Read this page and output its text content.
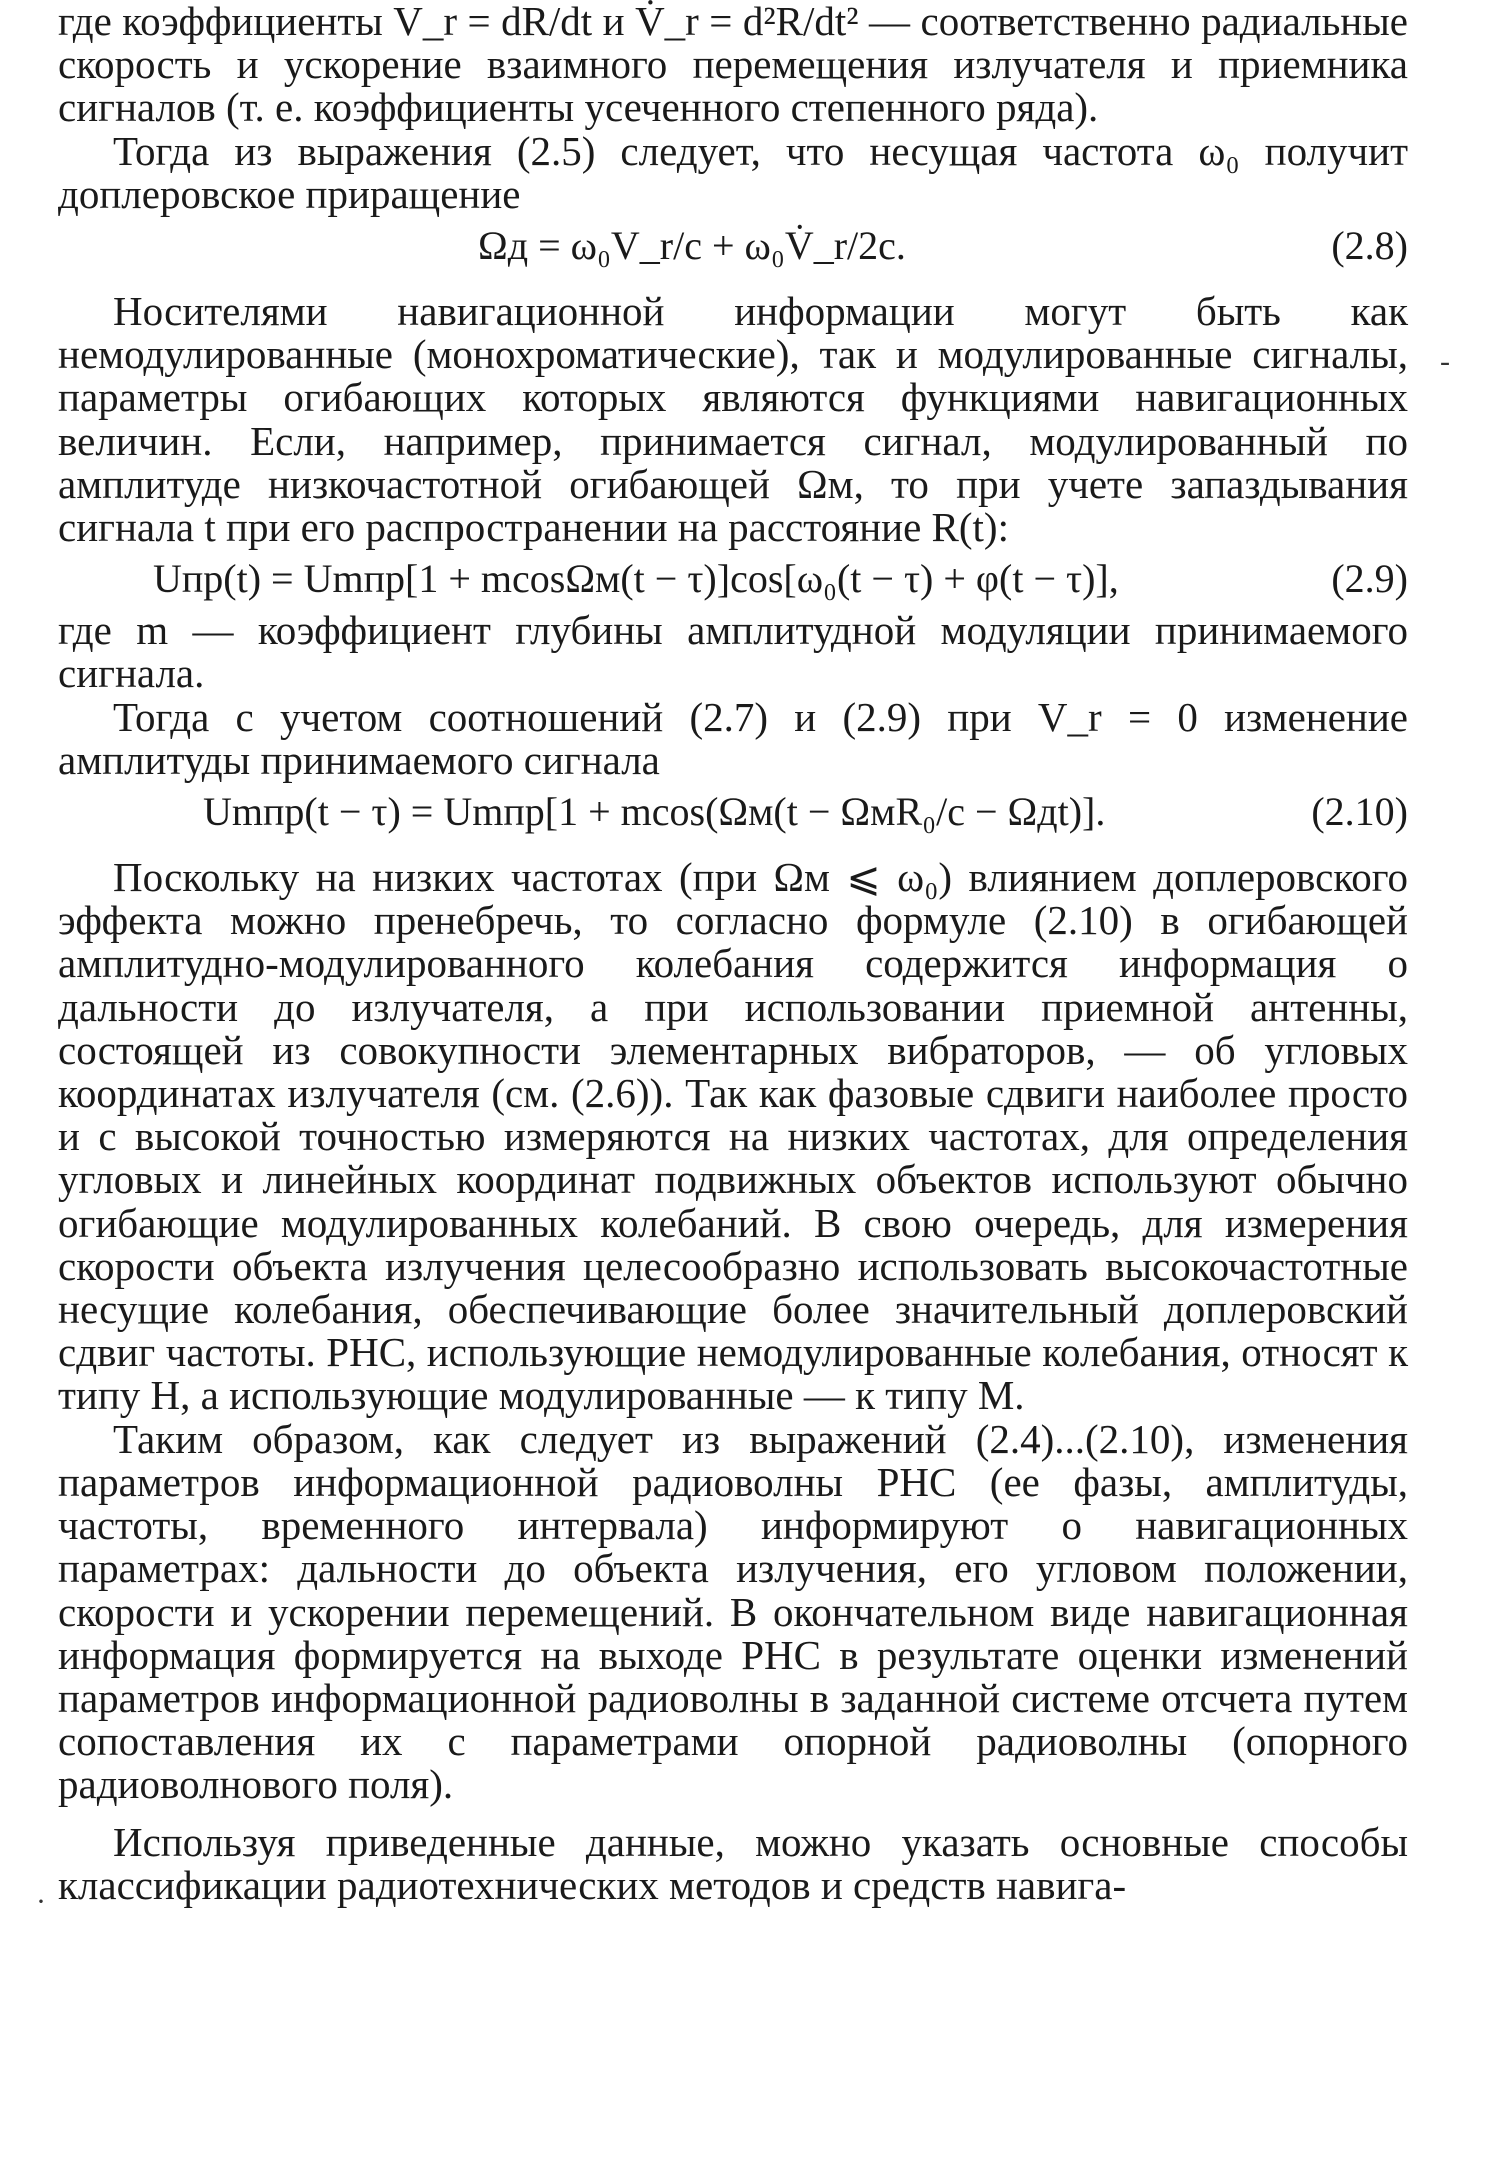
где коэффициенты V_r = dR/dt и V̇_r = d²R/dt² — соответственно радиальные скорость и ускорение взаимного перемещения излучателя и приемника сигналов (т. е. коэффициенты усеченного степенного ряда).

Тогда из выражения (2.5) следует, что несущая частота ω₀ получит доплеровское приращение

Ωд = ω₀V_r/c + ω₀V̇_r/2c.	(2.8)

Носителями навигационной информации могут быть как немодулированные (монохроматические), так и модулированные сигналы, параметры огибающих которых являются функциями навигационных величин. Если, например, принимается сигнал, модулированный по амплитуде низкочастотной огибающей Ωм, то при учете запаздывания сигнала t при его распространении на расстояние R(t):

Uпр(t) = Umпр[1 + mcosΩм(t − τ)]cos[ω₀(t − τ) + φ(t − τ)],	(2.9)

где m — коэффициент глубины амплитудной модуляции принимаемого сигнала.

Тогда с учетом соотношений (2.7) и (2.9) при V_r = 0 изменение амплитуды принимаемого сигнала

Umпр(t − τ) = Umпр[1 + mcos(Ωм(t − ΩмR₀/c − Ωдt)].	(2.10)

Поскольку на низких частотах (при Ωм ⩽ ω₀) влиянием доплеровского эффекта можно пренебречь, то согласно формуле (2.10) в огибающей амплитудно-модулированного колебания содержится информация о дальности до излучателя, а при использовании приемной антенны, состоящей из совокупности элементарных вибраторов, — об угловых координатах излучателя (см. (2.6)). Так как фазовые сдвиги наиболее просто и с высокой точностью измеряются на низких частотах, для определения угловых и линейных координат подвижных объектов используют обычно огибающие модулированных колебаний. В свою очередь, для измерения скорости объекта излучения целесообразно использовать высокочастотные несущие колебания, обеспечивающие более значительный доплеровский сдвиг частоты. РНС, использующие немодулированные колебания, относят к типу Н, а использующие модулированные — к типу М.

Таким образом, как следует из выражений (2.4)...(2.10), изменения параметров информационной радиоволны РНС (ее фазы, амплитуды, частоты, временного интервала) информируют о навигационных параметрах: дальности до объекта излучения, его угловом положении, скорости и ускорении перемещений. В окончательном виде навигационная информация формируется на выходе РНС в результате оценки изменений параметров информационной радиоволны в заданной системе отсчета путем сопоставления их с параметрами опорной радиоволны (опорного радиоволнового поля).

Используя приведенные данные, можно указать основные способы классификации радиотехнических методов и средств навига-

-
·
